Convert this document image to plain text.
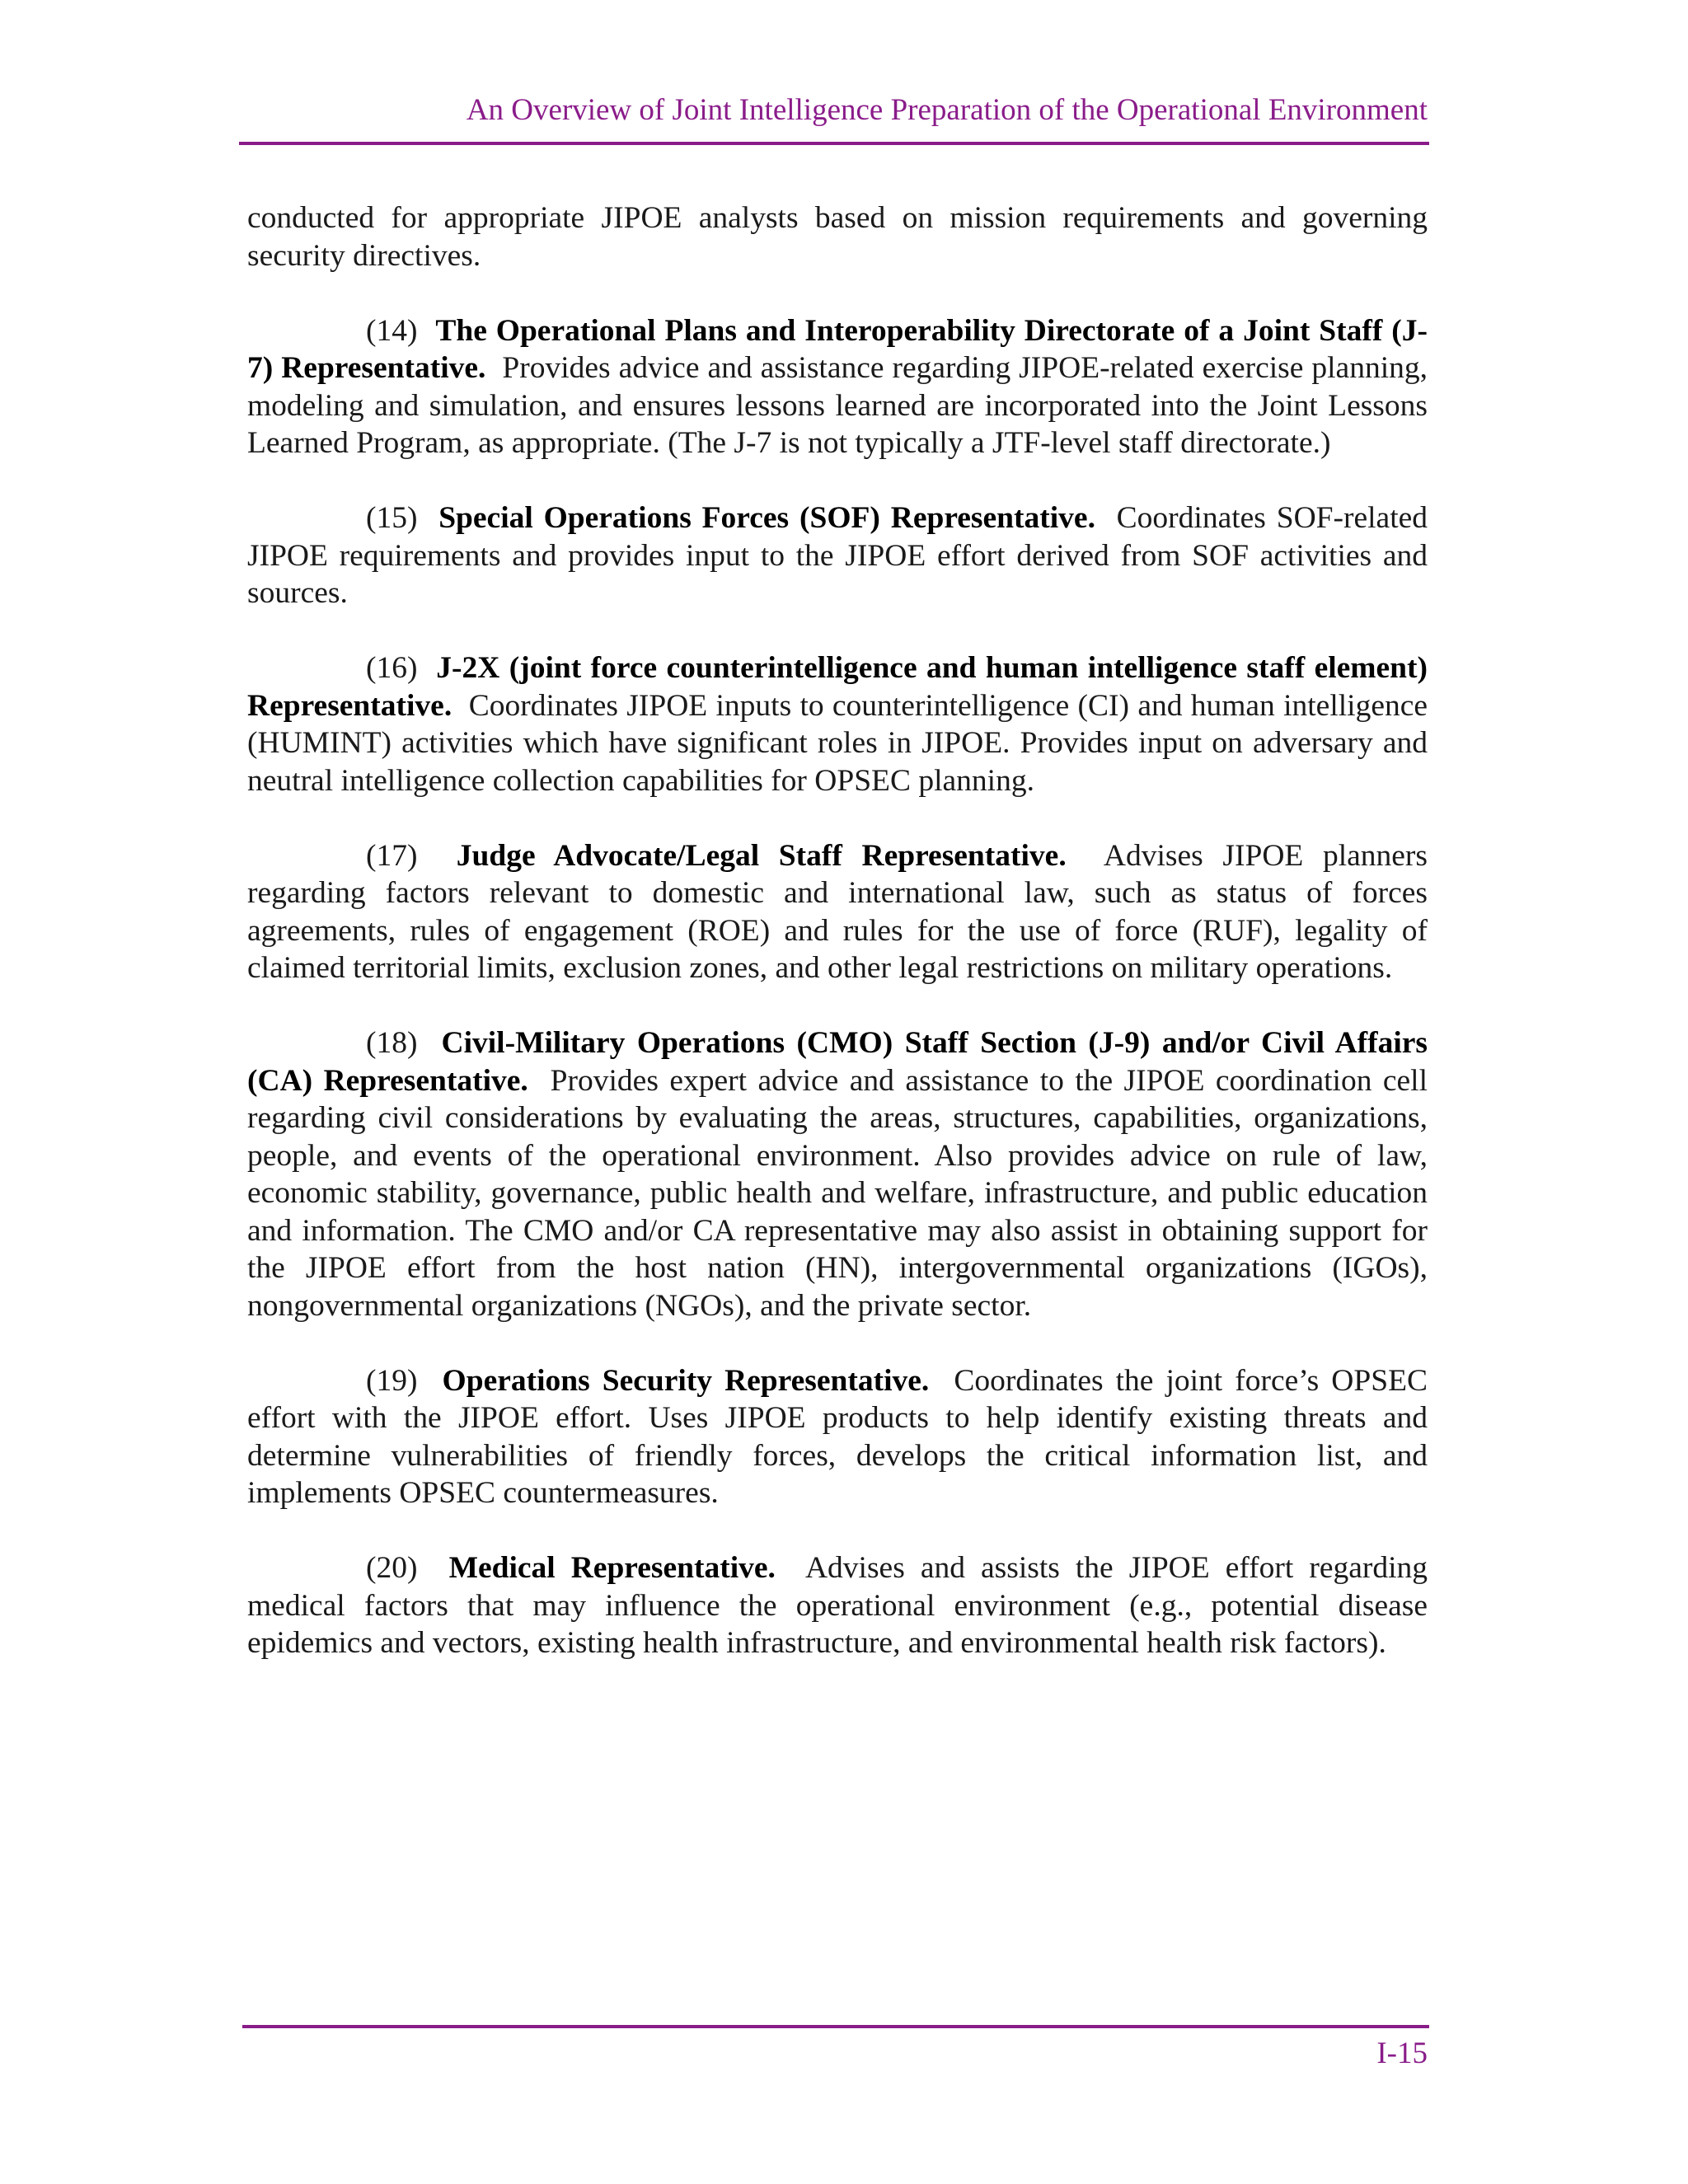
An Overview of Joint Intelligence Preparation of the Operational Environment

conducted for appropriate JIPOE analysts based on mission requirements and governing security directives.

(14) The Operational Plans and Interoperability Directorate of a Joint Staff (J-7) Representative. Provides advice and assistance regarding JIPOE-related exercise planning, modeling and simulation, and ensures lessons learned are incorporated into the Joint Lessons Learned Program, as appropriate. (The J-7 is not typically a JTF-level staff directorate.)

(15) Special Operations Forces (SOF) Representative. Coordinates SOF-related JIPOE requirements and provides input to the JIPOE effort derived from SOF activities and sources.

(16) J-2X (joint force counterintelligence and human intelligence staff element) Representative. Coordinates JIPOE inputs to counterintelligence (CI) and human intelligence (HUMINT) activities which have significant roles in JIPOE. Provides input on adversary and neutral intelligence collection capabilities for OPSEC planning.

(17) Judge Advocate/Legal Staff Representative. Advises JIPOE planners regarding factors relevant to domestic and international law, such as status of forces agreements, rules of engagement (ROE) and rules for the use of force (RUF), legality of claimed territorial limits, exclusion zones, and other legal restrictions on military operations.

(18) Civil-Military Operations (CMO) Staff Section (J-9) and/or Civil Affairs (CA) Representative. Provides expert advice and assistance to the JIPOE coordination cell regarding civil considerations by evaluating the areas, structures, capabilities, organizations, people, and events of the operational environment. Also provides advice on rule of law, economic stability, governance, public health and welfare, infrastructure, and public education and information. The CMO and/or CA representative may also assist in obtaining support for the JIPOE effort from the host nation (HN), intergovernmental organizations (IGOs), nongovernmental organizations (NGOs), and the private sector.

(19) Operations Security Representative. Coordinates the joint force’s OPSEC effort with the JIPOE effort. Uses JIPOE products to help identify existing threats and determine vulnerabilities of friendly forces, develops the critical information list, and implements OPSEC countermeasures.

(20) Medical Representative. Advises and assists the JIPOE effort regarding medical factors that may influence the operational environment (e.g., potential disease epidemics and vectors, existing health infrastructure, and environmental health risk factors).

I-15
